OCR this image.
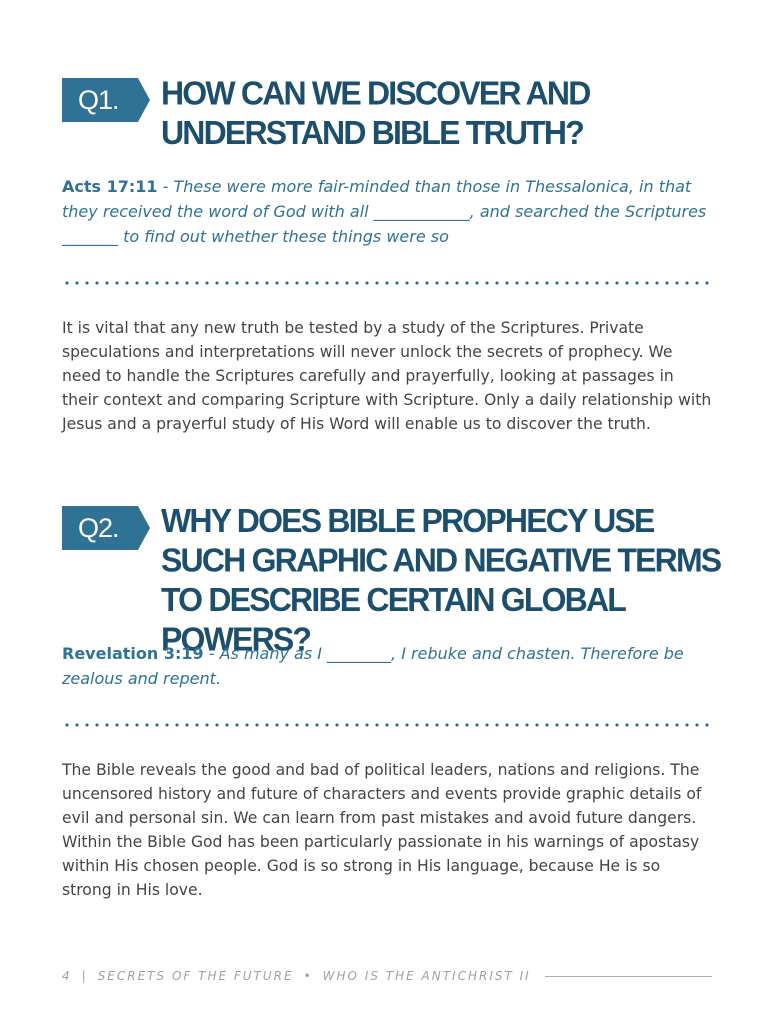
Q1.	HOW CAN WE DISCOVER AND UNDERSTAND BIBLE TRUTH?

Acts 17:11 - These were more fair-minded than those in Thessalonica, in that they received the word of God with all ____________, and searched the Scriptures _______ to find out whether these things were so

It is vital that any new truth be tested by a study of the Scriptures. Private speculations and interpretations will never unlock the secrets of prophecy. We need to handle the Scriptures carefully and prayerfully, looking at passages in their context and comparing Scripture with Scripture. Only a daily relationship with Jesus and a prayerful study of His Word will enable us to discover the truth.

Q2.	WHY DOES BIBLE PROPHECY USE SUCH GRAPHIC AND NEGATIVE TERMS TO DESCRIBE CERTAIN GLOBAL POWERS?

Revelation 3:19 - As many as I ________, I rebuke and chasten. Therefore be zealous and repent.

The Bible reveals the good and bad of political leaders, nations and religions. The uncensored history and future of characters and events provide graphic details of evil and personal sin. We can learn from past mistakes and avoid future dangers. Within the Bible God has been particularly passionate in his warnings of apostasy within His chosen people. God is so strong in His language, because He is so strong in His love.

4 | SECRETS OF THE FUTURE • WHO IS THE ANTICHRIST II
